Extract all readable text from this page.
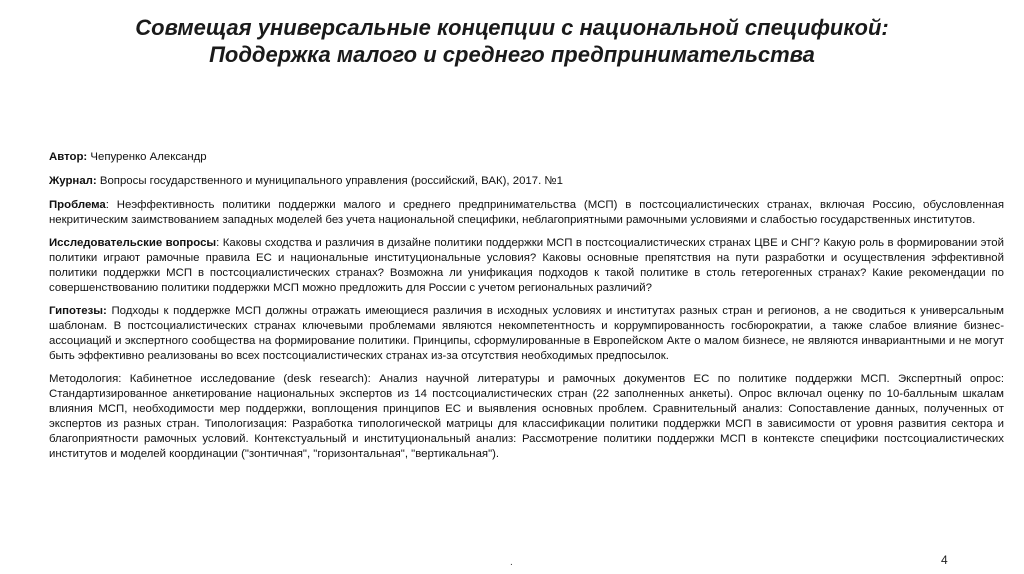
Совмещая универсальные концепции с национальной спецификой: Поддержка малого и среднего предпринимательства

Автор: Чепуренко Александр

Журнал: Вопросы государственного и муниципального управления (российский, ВАК), 2017. №1

Проблема: Неэффективность политики поддержки малого и среднего предпринимательства (МСП) в постсоциалистических странах, включая Россию, обусловленная некритическим заимствованием западных моделей без учета национальной специфики, неблагоприятными рамочными условиями и слабостью государственных институтов.

Исследовательские вопросы: Каковы сходства и различия в дизайне политики поддержки МСП в постсоциалистических странах ЦВЕ и СНГ? Какую роль в формировании этой политики играют рамочные правила ЕС и национальные институциональные условия? Каковы основные препятствия на пути разработки и осуществления эффективной политики поддержки МСП в постсоциалистических странах? Возможна ли унификация подходов к такой политике в столь гетерогенных странах? Какие рекомендации по совершенствованию политики поддержки МСП можно предложить для России с учетом региональных различий?

Гипотезы: Подходы к поддержке МСП должны отражать имеющиеся различия в исходных условиях и институтах разных стран и регионов, а не сводиться к универсальным шаблонам. В постсоциалистических странах ключевыми проблемами являются некомпетентность и коррумпированность госбюрократии, а также слабое влияние бизнес-ассоциаций и экспертного сообщества на формирование политики. Принципы, сформулированные в Европейском Акте о малом бизнесе, не являются инвариантными и не могут быть эффективно реализованы во всех постсоциалистических странах из-за отсутствия необходимых предпосылок.

Методология: Кабинетное исследование (desk research): Анализ научной литературы и рамочных документов ЕС по политике поддержки МСП. Экспертный опрос: Стандартизированное анкетирование национальных экспертов из 14 постсоциалистических стран (22 заполненных анкеты). Опрос включал оценку по 10-балльным шкалам влияния МСП, необходимости мер поддержки, воплощения принципов ЕС и выявления основных проблем. Сравнительный анализ: Сопоставление данных, полученных от экспертов из разных стран. Типологизация: Разработка типологической матрицы для классификации политики поддержки МСП в зависимости от уровня развития сектора и благоприятности рамочных условий. Контекстуальный и институциональный анализ: Рассмотрение политики поддержки МСП в контексте специфики постсоциалистических институтов и моделей координации ("зонтичная", "горизонтальная", "вертикальная").

.	4
